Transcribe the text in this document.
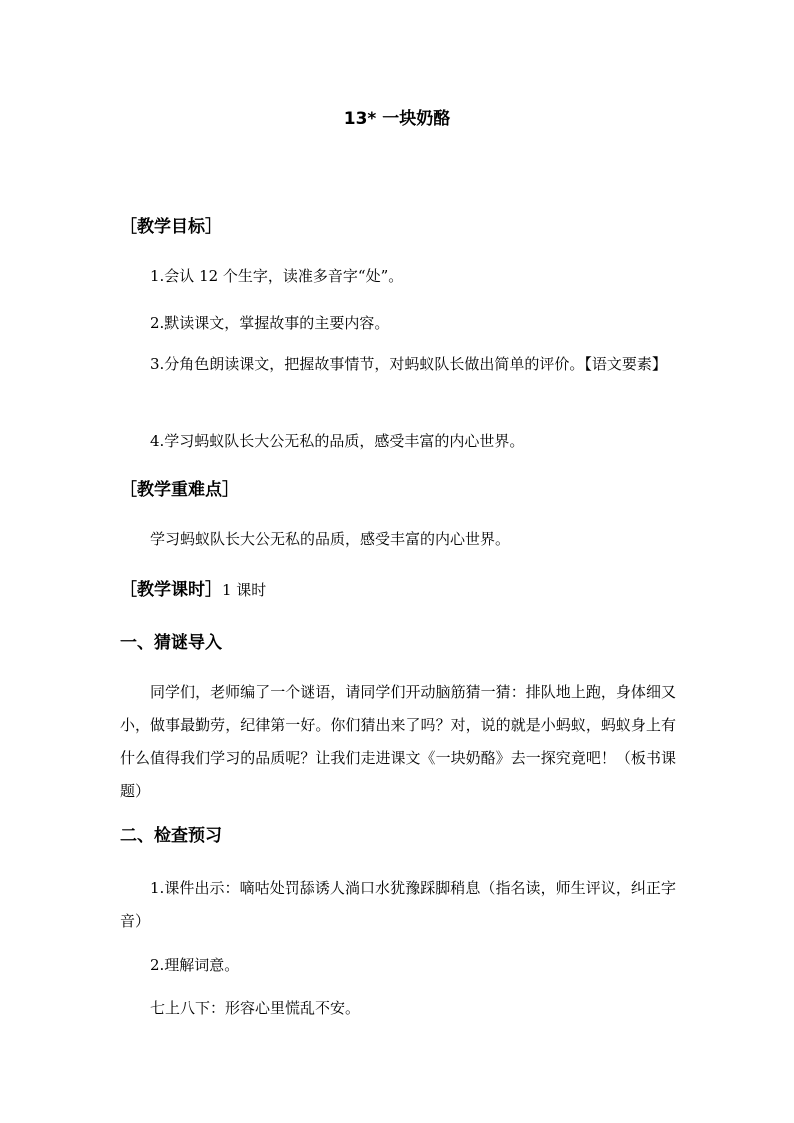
13* 一块奶酪
［教学目标］

1.会认 12 个生字，读准多音字“处”。

2.默读课文，掌握故事的主要内容。

3.分角色朗读课文，把握故事情节，对蚂蚁队长做出简单的评价。【语文要素】

4.学习蚂蚁队长大公无私的品质，感受丰富的内心世界。

［教学重难点］

学习蚂蚁队长大公无私的品质，感受丰富的内心世界。

［教学课时］1 课时
一、猜谜导入

同学们，老师编了一个谜语，请同学们开动脑筋猜一猜：排队地上跑，身体细又小，做事最勤劳，纪律第一好。你们猜出来了吗？对，说的就是小蚂蚁，蚂蚁身上有什么值得我们学习的品质呢？让我们走进课文《一块奶酪》去一探究竟吧！（板书课题）

二、检查预习

1.课件出示：嘀咕处罚舔诱人淌口水犹豫踩脚稍息（指名读，师生评议，纠正字音）

2.理解词意。

七上八下：形容心里慌乱不安。
